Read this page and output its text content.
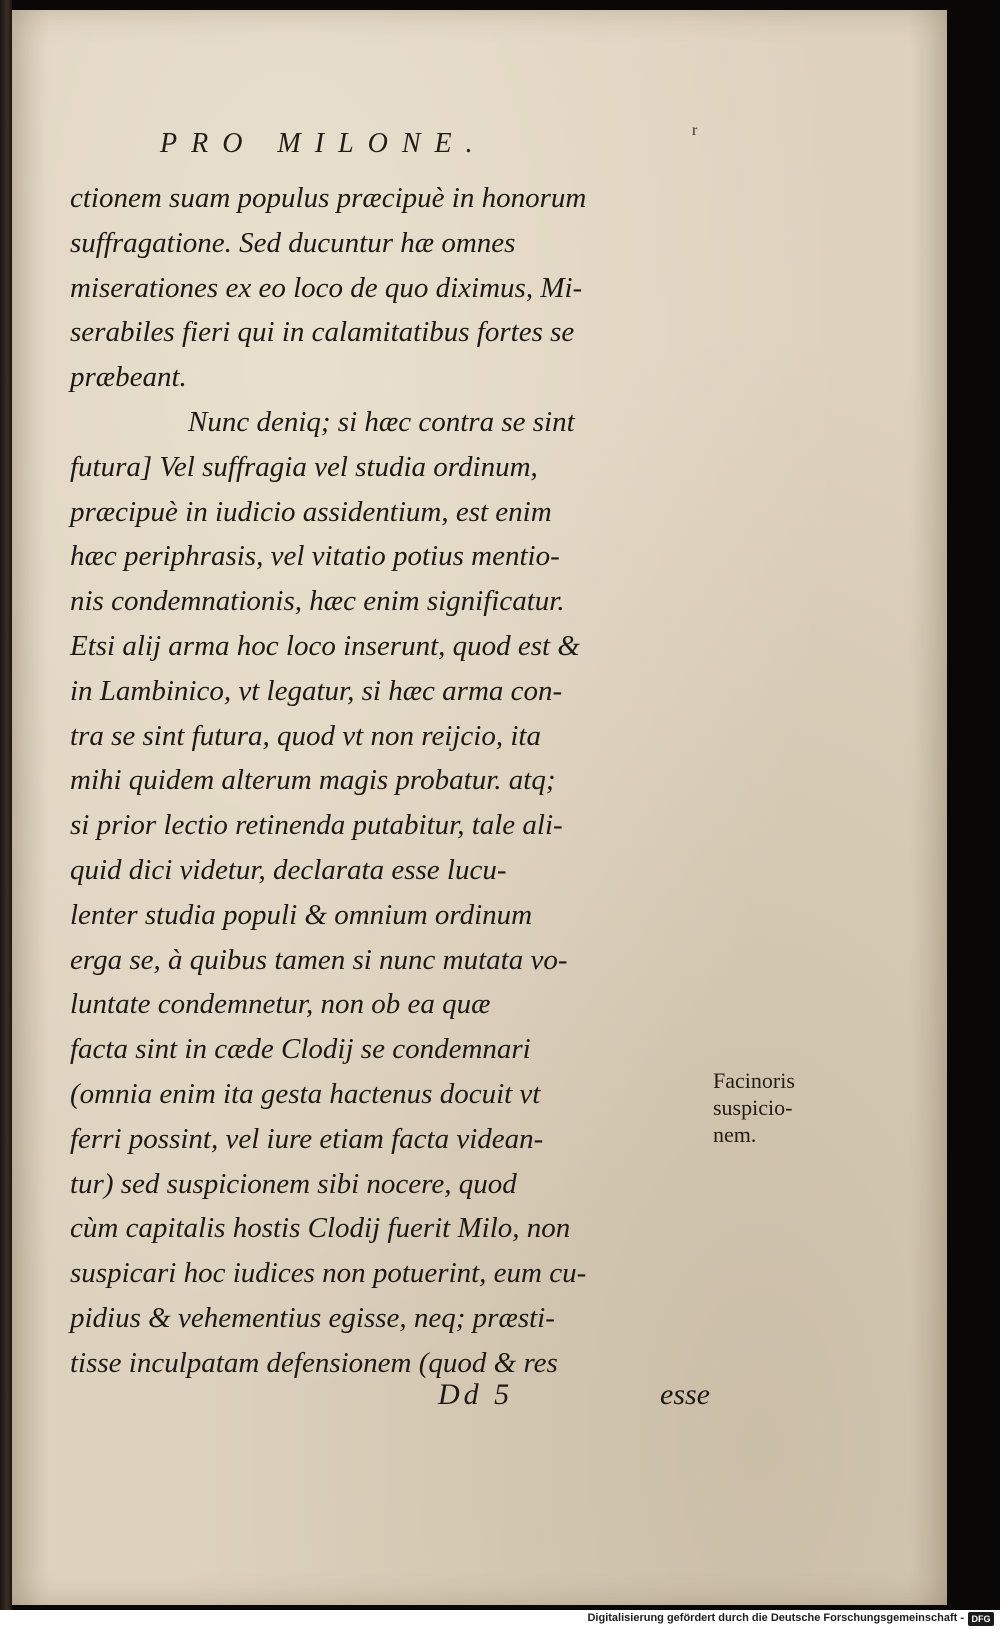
PRO MILONE.	r
ctionem suam populus præcipuè in honorum
suffragatione. Sed ducuntur hæ omnes
miserationes ex eo loco de quo diximus, Mi-
serabiles fieri qui in calamitatibus fortes se
præbeant.
Nunc deniq; si hæc contra se sint
futura] Vel suffragia vel studia ordinum,
præcipuè in iudicio assidentium, est enim
hæc periphrasis, vel vitatio potius mentio-
nis condemnationis, hæc enim significatur.
Etsi alij arma hoc loco inserunt, quod est &
in Lambinico, vt legatur, si hæc arma con-
tra se sint futura, quod vt non reijcio, ita
mihi quidem alterum magis probatur. atq;
si prior lectio retinenda putabitur, tale ali-
quid dici videtur, declarata esse lucu-
lenter studia populi & omnium ordinum
erga se, à quibus tamen si nunc mutata vo-
luntate condemnetur, non ob ea quæ
facta sint in cæde Clodij se condemnari
(omnia enim ita gesta hactenus docuit vt
ferri possint, vel iure etiam facta videan-
tur) sed suspicionem sibi nocere, quod
cùm capitalis hostis Clodij fuerit Milo, non
suspicari hoc iudices non potuerint, eum cu-
pidius & vehementius egisse, neq; præsti-
tisse inculpatam defensionem (quod & res
Facinoris
suspicio-
nem.
Dd 5	esse
Digitalisierung gefördert durch die Deutsche Forschungsgemeinschaft - DFG
